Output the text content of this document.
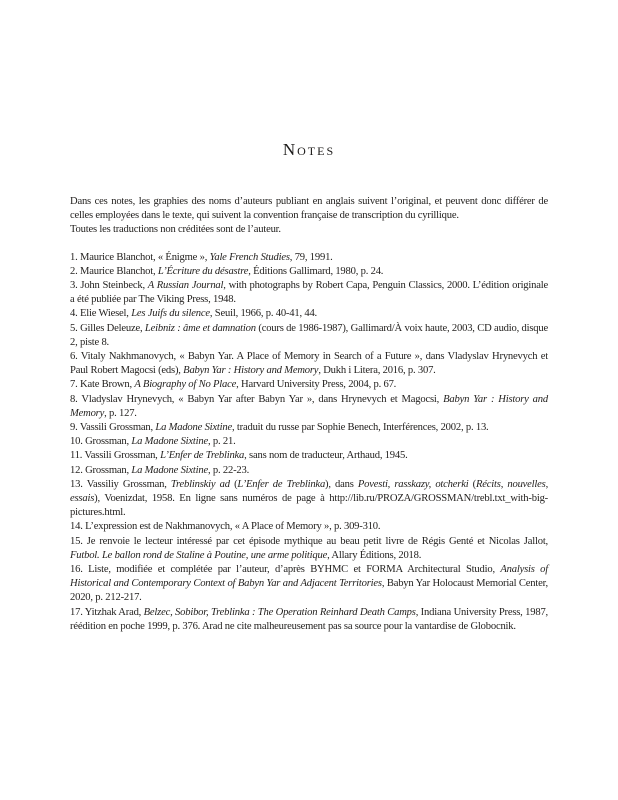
Notes

Dans ces notes, les graphies des noms d’auteurs publiant en anglais suivent l’original, et peuvent donc différer de celles employées dans le texte, qui suivent la convention française de transcription du cyrillique.

Toutes les traductions non créditées sont de l’auteur.

1. Maurice Blanchot, « Énigme », Yale French Studies, 79, 1991.

2. Maurice Blanchot, L’Écriture du désastre, Éditions Gallimard, 1980, p. 24.

3. John Steinbeck, A Russian Journal, with photographs by Robert Capa, Penguin Classics, 2000. L’édition originale a été publiée par The Viking Press, 1948.

4. Elie Wiesel, Les Juifs du silence, Seuil, 1966, p. 40-41, 44.

5. Gilles Deleuze, Leibniz : âme et damnation (cours de 1986-1987), Gallimard/À voix haute, 2003, CD audio, disque 2, piste 8.

6. Vitaly Nakhmanovych, « Babyn Yar. A Place of Memory in Search of a Future », dans Vladyslav Hrynevych et Paul Robert Magocsi (eds), Babyn Yar : History and Memory, Dukh i Litera, 2016, p. 307.

7. Kate Brown, A Biography of No Place, Harvard University Press, 2004, p. 67.

8. Vladyslav Hrynevych, « Babyn Yar after Babyn Yar », dans Hrynevych et Magocsi, Babyn Yar : History and Memory, p. 127.

9. Vassili Grossman, La Madone Sixtine, traduit du russe par Sophie Benech, Interférences, 2002, p. 13.

10. Grossman, La Madone Sixtine, p. 21.

11. Vassili Grossman, L’Enfer de Treblinka, sans nom de traducteur, Arthaud, 1945.

12. Grossman, La Madone Sixtine, p. 22-23.

13. Vassiliy Grossman, Treblinskiy ad (L’Enfer de Treblinka), dans Povesti, rasskazy, otcherki (Récits, nouvelles, essais), Voenizdat, 1958. En ligne sans numéros de page à http://lib.ru/PROZA/GROSSMAN/trebl.txt_with-big-pictures.html.

14. L’expression est de Nakhmanovych, « A Place of Memory », p. 309-310.

15. Je renvoie le lecteur intéressé par cet épisode mythique au beau petit livre de Régis Genté et Nicolas Jallot, Futbol. Le ballon rond de Staline à Poutine, une arme politique, Allary Éditions, 2018.

16. Liste, modifiée et complétée par l’auteur, d’après BYHMC et FORMA Architectural Studio, Analysis of Historical and Contemporary Context of Babyn Yar and Adjacent Territories, Babyn Yar Holocaust Memorial Center, 2020, p. 212-217.

17. Yitzhak Arad, Belzec, Sobibor, Treblinka : The Operation Reinhard Death Camps, Indiana University Press, 1987, réédition en poche 1999, p. 376. Arad ne cite malheureusement pas sa source pour la vantardise de Globocnik.
